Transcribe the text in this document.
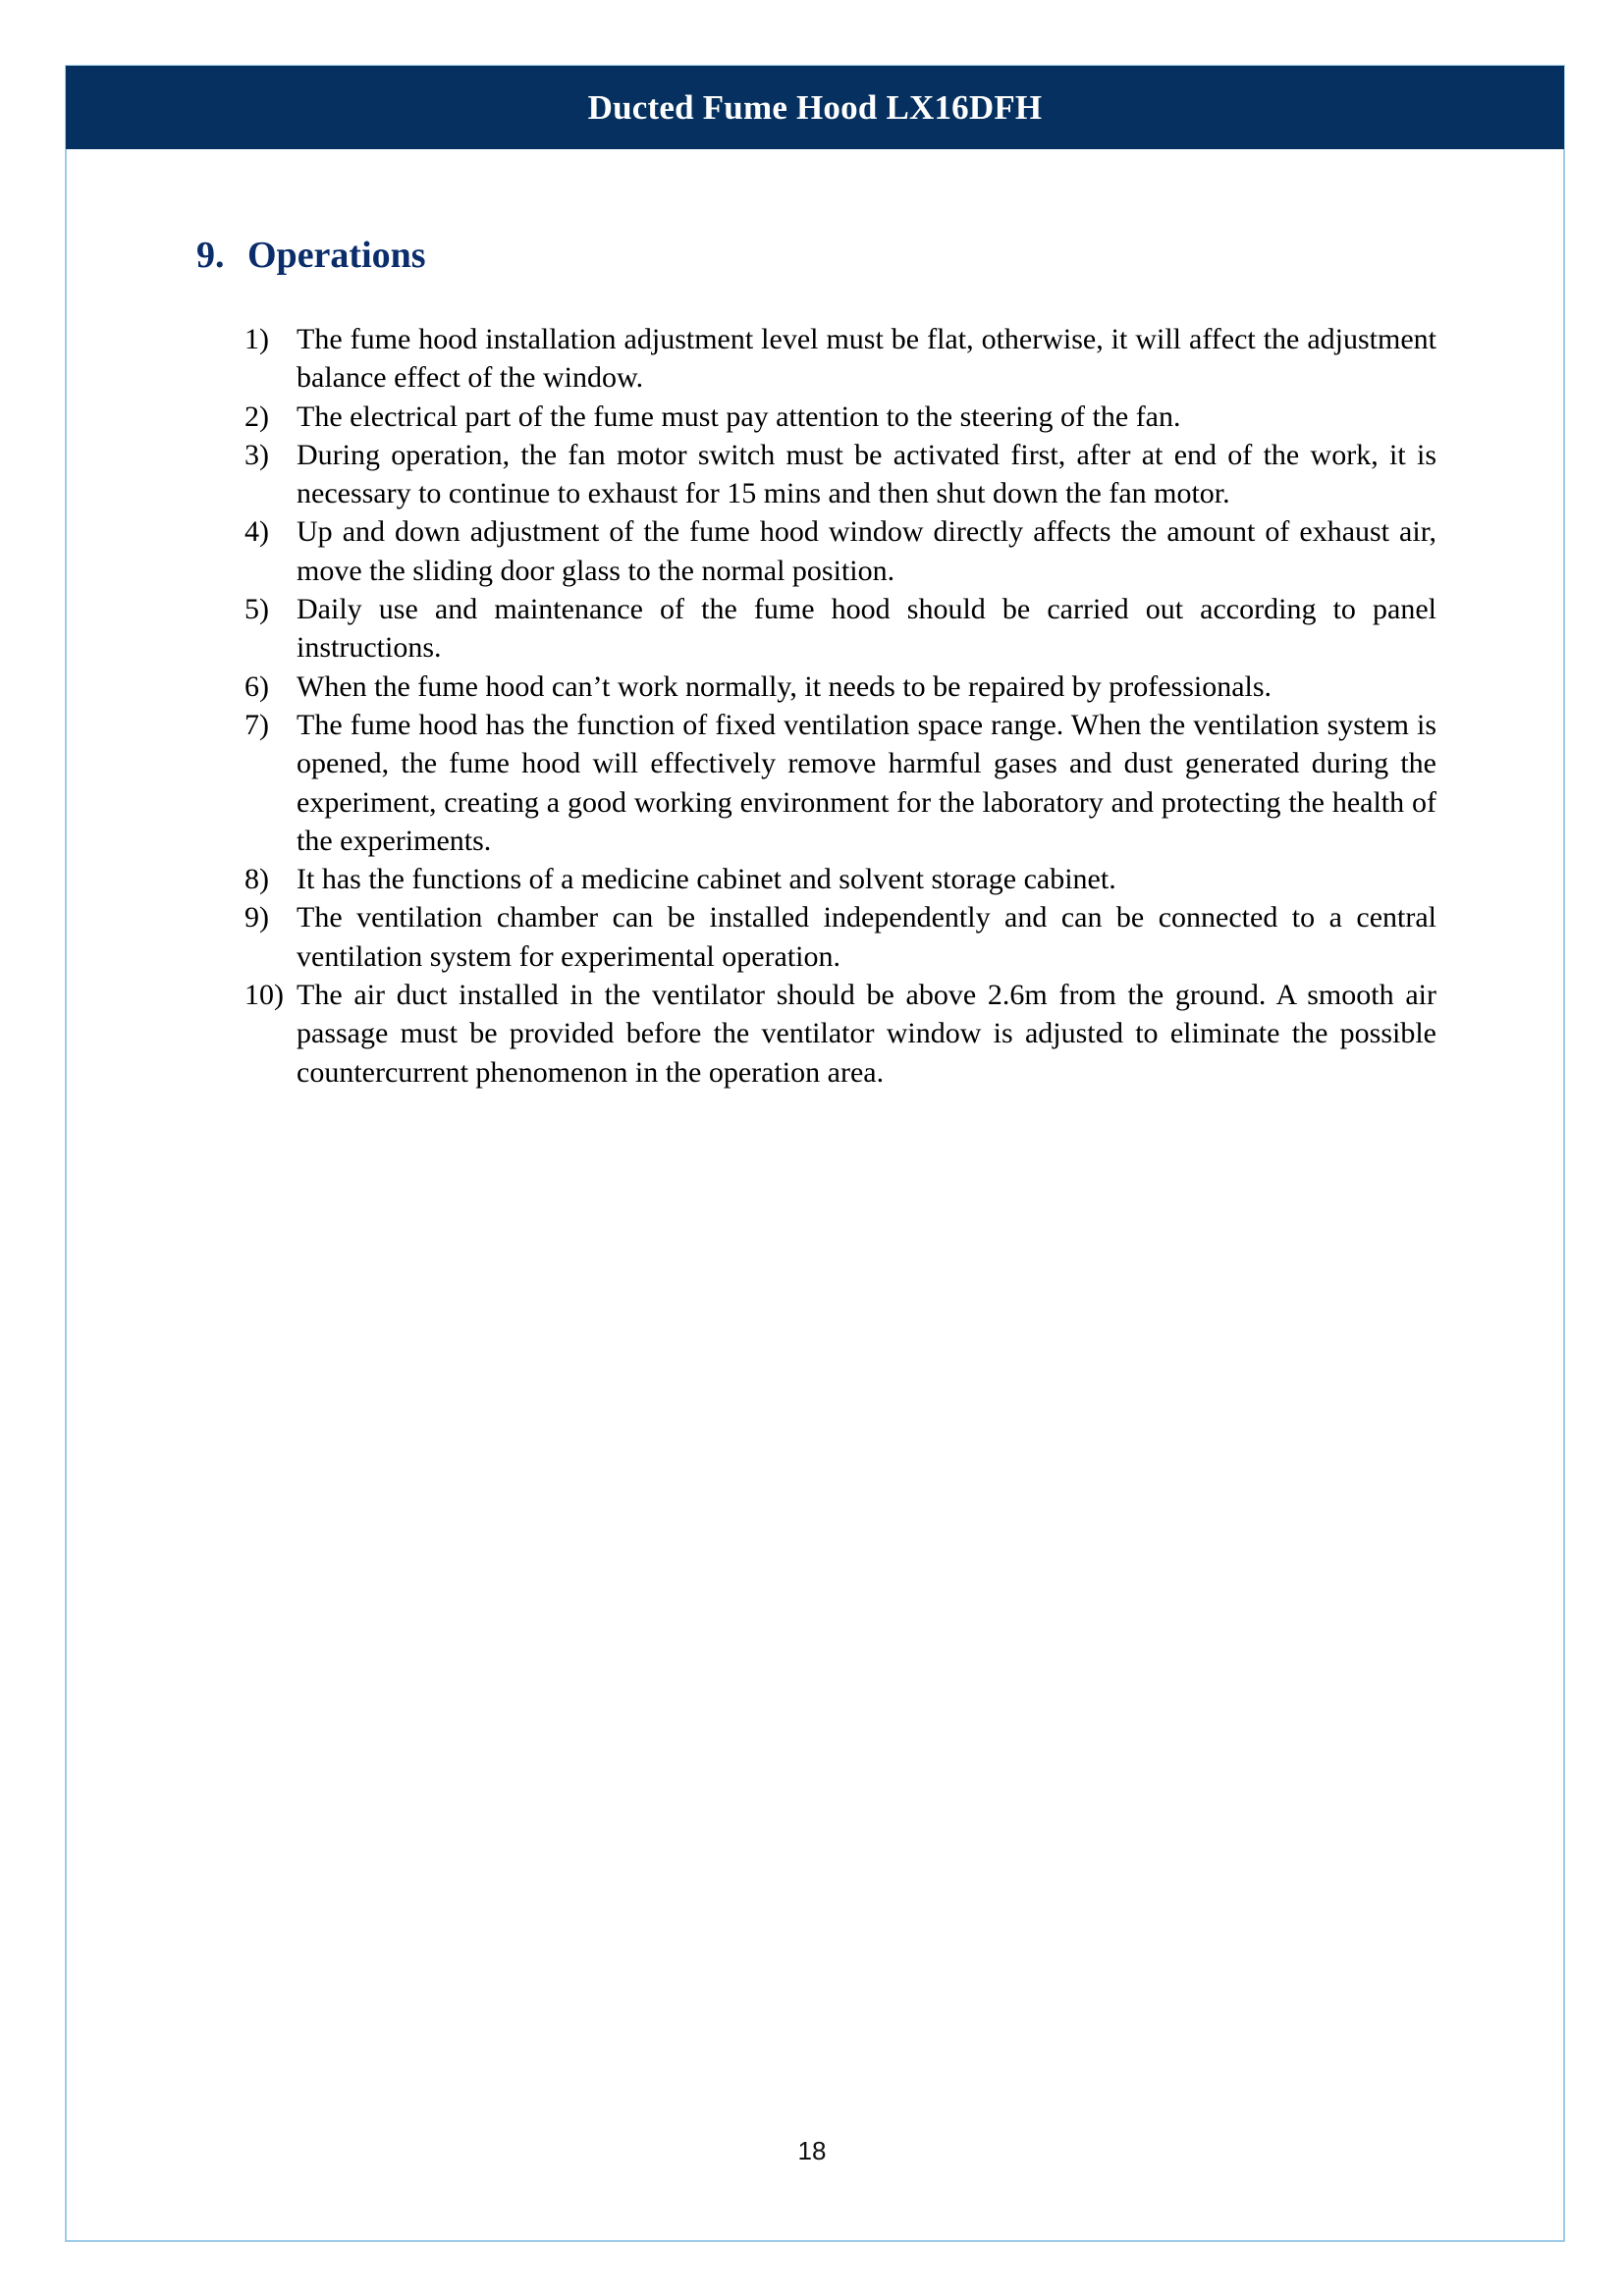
Ducted Fume Hood LX16DFH
9. Operations
1) The fume hood installation adjustment level must be flat, otherwise, it will affect the adjustment balance effect of the window.
2) The electrical part of the fume must pay attention to the steering of the fan.
3) During operation, the fan motor switch must be activated first, after at end of the work, it is necessary to continue to exhaust for 15 mins and then shut down the fan motor.
4) Up and down adjustment of the fume hood window directly affects the amount of exhaust air, move the sliding door glass to the normal position.
5) Daily use and maintenance of the fume hood should be carried out according to panel instructions.
6) When the fume hood can’t work normally, it needs to be repaired by professionals.
7) The fume hood has the function of fixed ventilation space range. When the ventilation system is opened, the fume hood will effectively remove harmful gases and dust generated during the experiment, creating a good working environment for the laboratory and protecting the health of the experiments.
8) It has the functions of a medicine cabinet and solvent storage cabinet.
9) The ventilation chamber can be installed independently and can be connected to a central ventilation system for experimental operation.
10) The air duct installed in the ventilator should be above 2.6m from the ground. A smooth air passage must be provided before the ventilator window is adjusted to eliminate the possible countercurrent phenomenon in the operation area.
18
